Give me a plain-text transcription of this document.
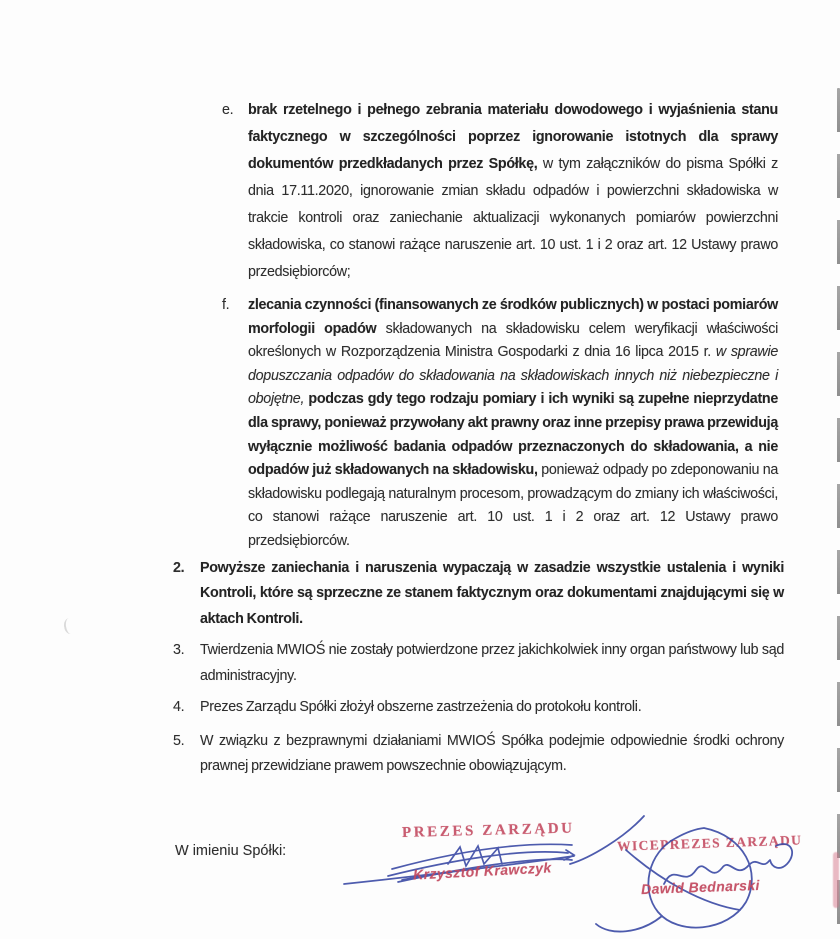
e. brak rzetelnego i pełnego zebrania materiału dowodowego i wyjaśnienia stanu faktycznego w szczególności poprzez ignorowanie istotnych dla sprawy dokumentów przedkładanych przez Spółkę, w tym załączników do pisma Spółki z dnia 17.11.2020, ignorowanie zmian składu odpadów i powierzchni składowiska w trakcie kontroli oraz zaniechanie aktualizacji wykonanych pomiarów powierzchni składowiska, co stanowi rażące naruszenie art. 10 ust. 1 i 2 oraz art. 12 Ustawy prawo przedsiębiorców;
f. zlecania czynności (finansowanych ze środków publicznych) w postaci pomiarów morfologii opadów składowanych na składowisku celem weryfikacji właściwości określonych w Rozporządzenia Ministra Gospodarki z dnia 16 lipca 2015 r. w sprawie dopuszczania odpadów do składowania na składowiskach innych niż niebezpieczne i obojętne, podczas gdy tego rodzaju pomiary i ich wyniki są zupełne nieprzydatne dla sprawy, ponieważ przywołany akt prawny oraz inne przepisy prawa przewidują wyłącznie możliwość badania odpadów przeznaczonych do składowania, a nie odpadów już składowanych na składowisku, ponieważ odpady po zdeponowaniu na składowisku podlegają naturalnym procesom, prowadzącym do zmiany ich właściwości, co stanowi rażące naruszenie art. 10 ust. 1 i 2 oraz art. 12 Ustawy prawo przedsiębiorców.
2. Powyższe zaniechania i naruszenia wypaczają w zasadzie wszystkie ustalenia i wyniki Kontroli, które są sprzeczne ze stanem faktycznym oraz dokumentami znajdującymi się w aktach Kontroli.
3. Twierdzenia MWIOŚ nie zostały potwierdzone przez jakichkolwiek inny organ państwowy lub sąd administracyjny.
4. Prezes Zarządu Spółki złożył obszerne zastrzeżenia do protokołu kontroli.
5. W związku z bezprawnymi działaniami MWIOŚ Spółka podejmie odpowiednie środki ochrony prawnej przewidziane prawem powszechnie obowiązującym.
W imieniu Spółki:
PREZES ZARZĄDU
Krzysztof Krawczyk
WICEPREZES ZARZĄDU
Dawid Bednarski
